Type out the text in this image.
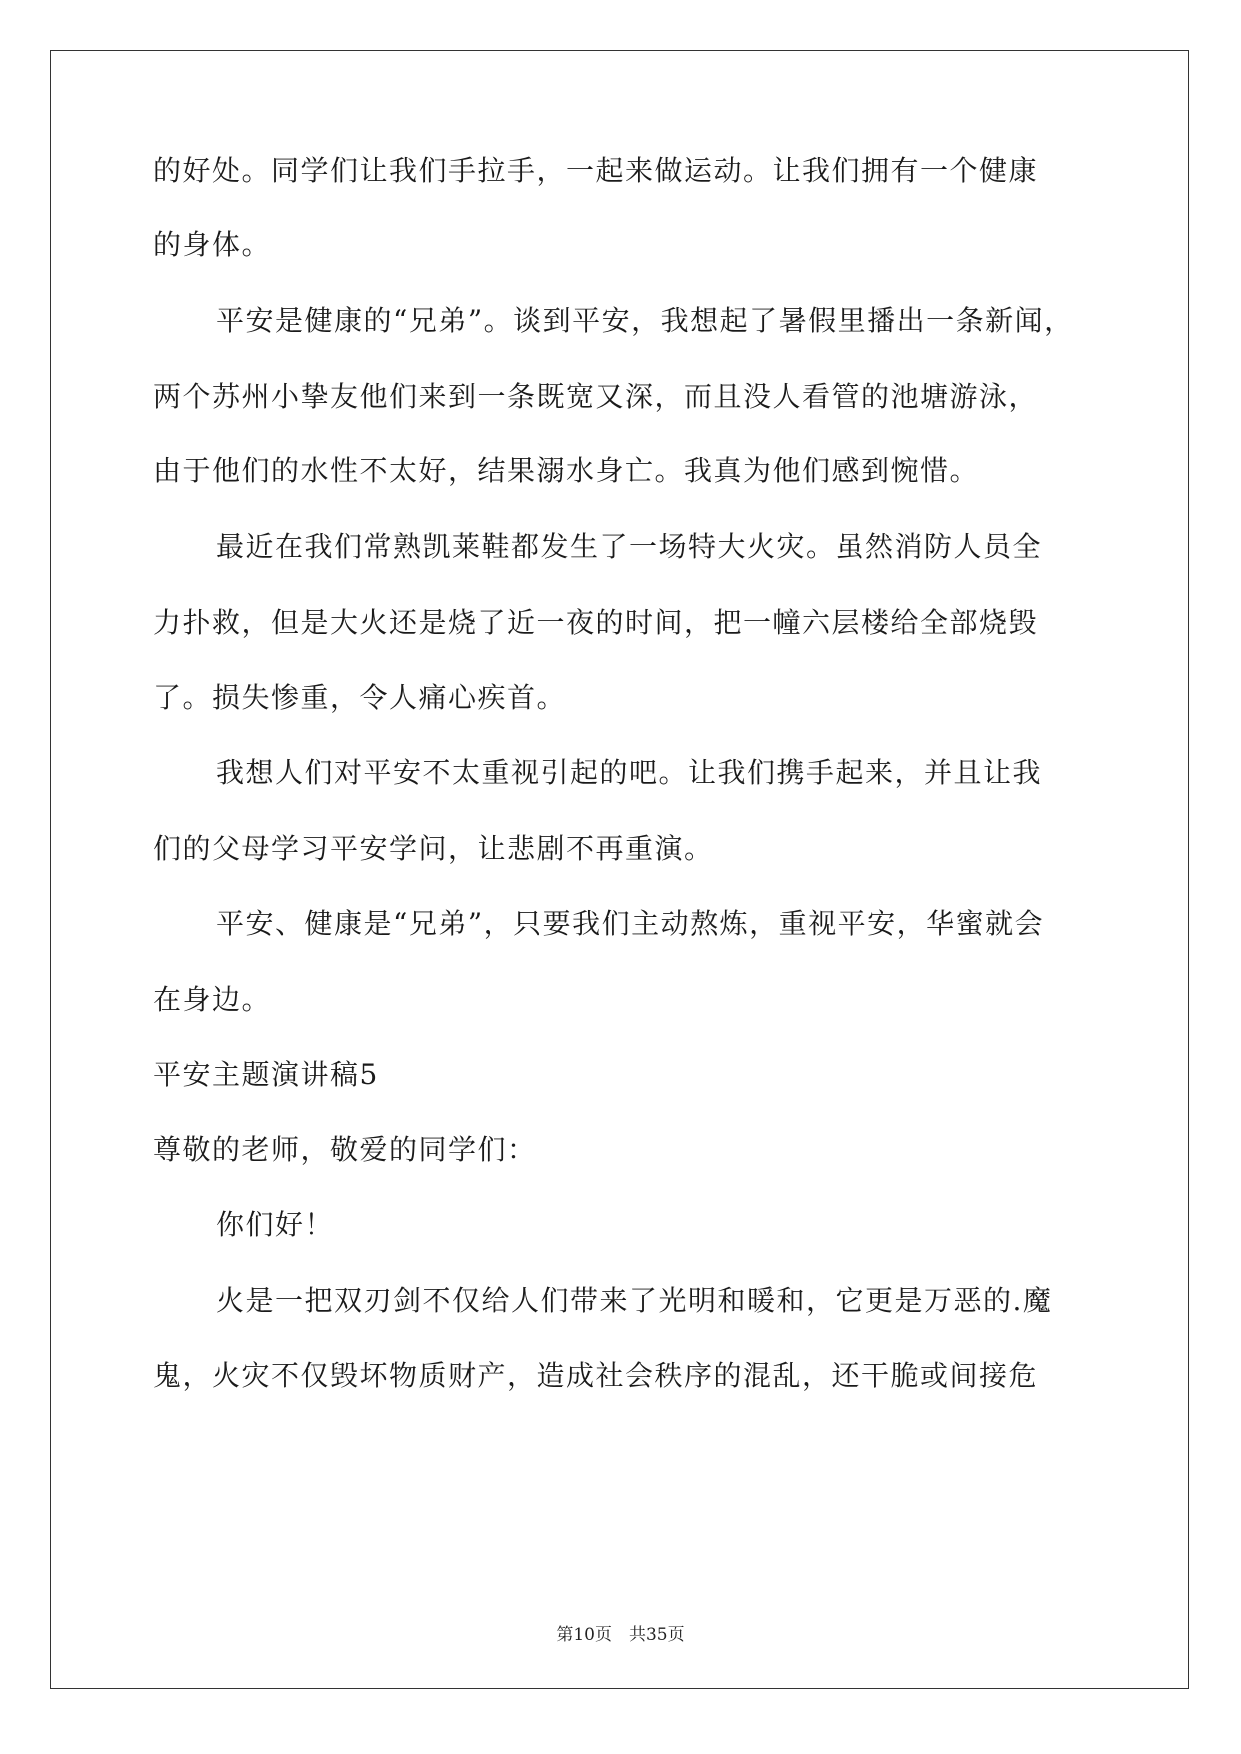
的好处。同学们让我们手拉手，一起来做运动。让我们拥有一个健康
的身体。
平安是健康的“兄弟”。谈到平安，我想起了暑假里播出一条新闻，
两个苏州小挚友他们来到一条既宽又深，而且没人看管的池塘游泳，
由于他们的水性不太好，结果溺水身亡。我真为他们感到惋惜。
最近在我们常熟凯莱鞋都发生了一场特大火灾。虽然消防人员全
力扑救，但是大火还是烧了近一夜的时间，把一幢六层楼给全部烧毁
了。损失惨重，令人痛心疾首。
我想人们对平安不太重视引起的吧。让我们携手起来，并且让我
们的父母学习平安学问，让悲剧不再重演。
平安、健康是“兄弟”，只要我们主动熬炼，重视平安，华蜜就会
在身边。
平安主题演讲稿5
尊敬的老师，敬爱的同学们：
你们好！
火是一把双刃剑不仅给人们带来了光明和暖和，它更是万恶的.魔
鬼，火灾不仅毁坏物质财产，造成社会秩序的混乱，还干脆或间接危
第10页　共35页
